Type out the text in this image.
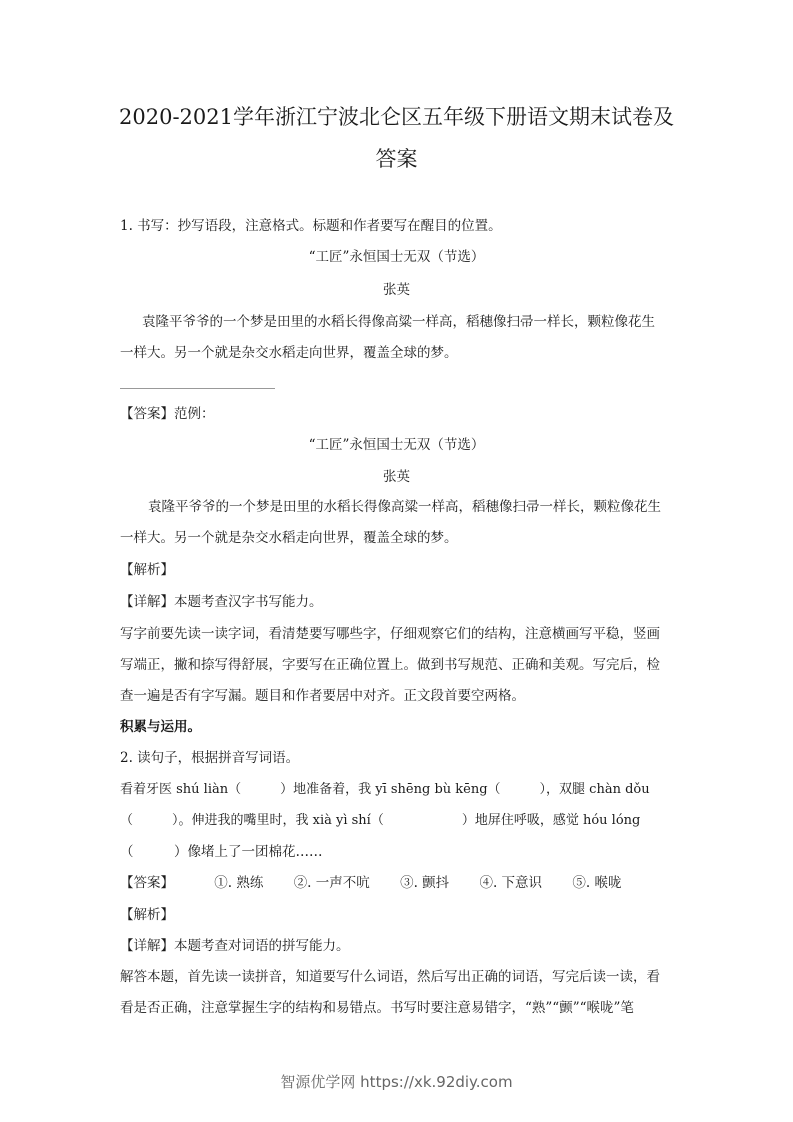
2020-2021学年浙江宁波北仑区五年级下册语文期末试卷及
答案
1. 书写：抄写语段，注意格式。标题和作者要写在醒目的位置。
“工匠”永恒国士无双（节选）
张英
袁隆平爷爷的一个梦是田里的水稻长得像高粱一样高，稻穗像扫帚一样长，颗粒像花生
一样大。另一个就是杂交水稻走向世界，覆盖全球的梦。
【答案】范例：
“工匠”永恒国士无双（节选）
张英
袁隆平爷爷的一个梦是田里的水稻长得像高粱一样高，稻穗像扫帚一样长，颗粒像花生
一样大。另一个就是杂交水稻走向世界，覆盖全球的梦。
【解析】
【详解】本题考查汉字书写能力。
写字前要先读一读字词，看清楚要写哪些字，仔细观察它们的结构，注意横画写平稳，竖画
写端正，撇和捺写得舒展，字要写在正确位置上。做到书写规范、正确和美观。写完后，检
查一遍是否有字写漏。题目和作者要居中对齐。正文段首要空两格。
积累与运用。
2. 读句子，根据拼音写词语。
看着牙医 shú liàn（　　　）地准备着，我 yī shēng bù kēng（　　　），双腿 chàn dǒu
（　　　）。伸进我的嘴里时，我 xià yì shí（　　　　　　）地屏住呼吸，感觉 hóu lóng
（　　　）像堵上了一团棉花……
【答案】	①. 熟练 ②. 一声不吭 ③. 颤抖 ④. 下意识 ⑤. 喉咙
【解析】
【详解】本题考查对词语的拼写能力。
解答本题，首先读一读拼音，知道要写什么词语，然后写出正确的词语，写完后读一读，看
看是否正确，注意掌握生字的结构和易错点。书写时要注意易错字，“熟”“颤”“喉咙”笔
智源优学网 https://xk.92diy.com
